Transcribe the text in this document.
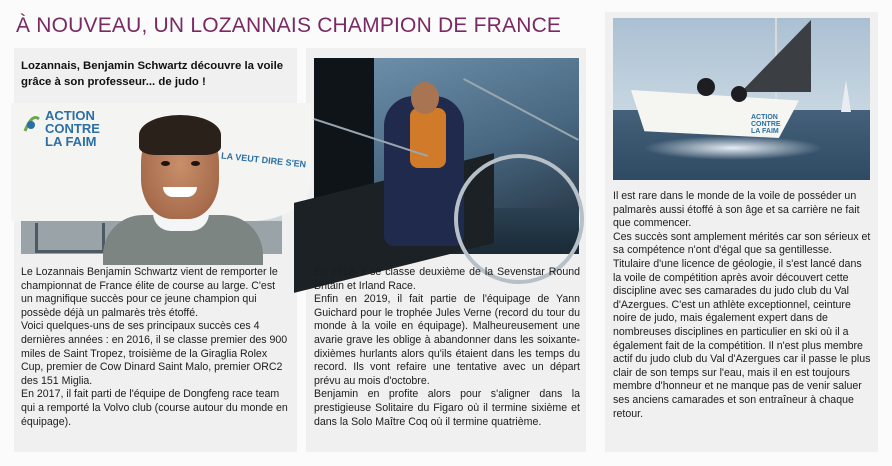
À NOUVEAU, UN LOZANNAIS CHAMPION DE FRANCE
Lozannais, Benjamin Schwartz découvre la voile grâce à son professeur... de judo !
ACTION
CONTRE
LA FAIM
LA VEUT DIRE S'EN
ACTION
CONTRE
LA FAIM

Le Lozannais Benjamin Schwartz vient de remporter le championnat de France élite de course au large. C'est un magnifique succès pour ce jeune champion qui possède déjà un palmarès très étoffé.

Voici quelques-uns de ses principaux succès ces 4 dernières années : en 2016, il se classe premier des 900 miles de Saint Tropez, troisième de la Giraglia Rolex Cup, premier de Cow Dinard Saint Malo, premier ORC2 des 151 Miglia.

En 2017, il fait parti de l'équipe de Dongfeng race team qui a remporté la Volvo club (course autour du monde en équipage).

En 2018, il se classe deuxième de la Sevenstar Round Britain et Irland Race.

Enfin en 2019, il fait partie de l'équipage de Yann Guichard pour le trophée Jules Verne (record du tour du monde à la voile en équipage). Malheureusement une avarie grave les oblige à abandonner dans les soixante-dixièmes hurlants alors qu'ils étaient dans les temps du record. Ils vont refaire une tentative avec un départ prévu au mois d'octobre.

Benjamin en profite alors pour s'aligner dans la prestigieuse Solitaire du Figaro où il termine sixième et dans la Solo Maître Coq où il termine quatrième.

Il est rare dans le monde de la voile de posséder un palmarès aussi étoffé à son âge et sa carrière ne fait que commencer.

Ces succès sont amplement mérités car son sérieux et sa compétence n'ont d'égal que sa gentillesse. Titulaire d'une licence de géologie, il s'est lancé dans la voile de compétition après avoir découvert cette discipline avec ses camarades du judo club du Val d'Azergues. C'est un athlète exceptionnel, ceinture noire de judo, mais également expert dans de nombreuses disciplines en particulier en ski où il a également fait de la compétition. Il n'est plus membre actif du judo club du Val d'Azergues car il passe le plus clair de son temps sur l'eau, mais il en est toujours membre d'honneur et ne manque pas de venir saluer ses anciens camarades et son entraîneur à chaque retour.
